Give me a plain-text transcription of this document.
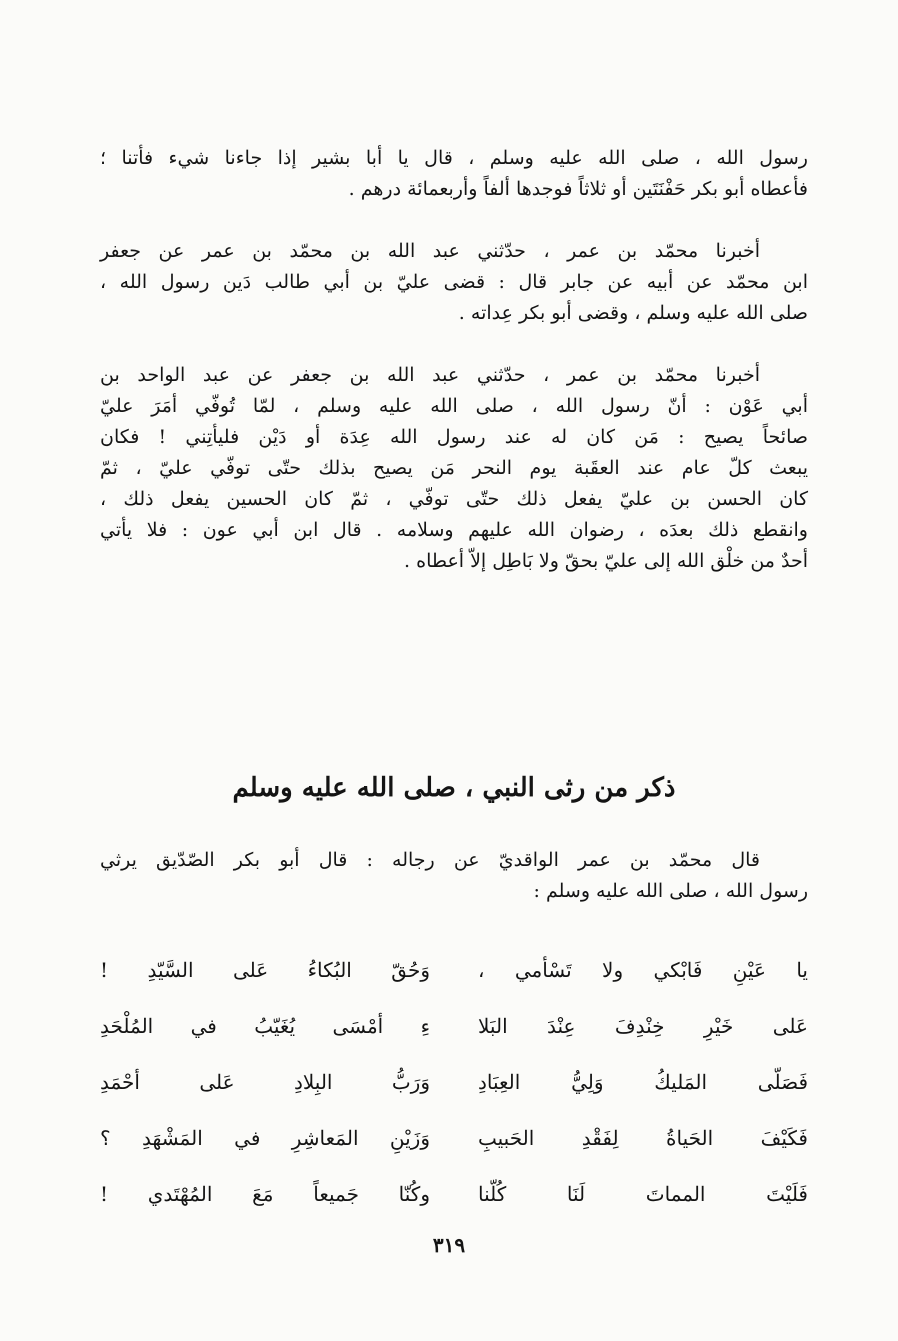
رسول الله ، صلى الله عليه وسلم ، قال يا أبا بشير إذا جاءنا شيء فأتنا ؛
فأعطاه أبو بكر حَفْنَتَين أو ثلاثاً فوجدها ألفاً وأربعمائة درهم .
أخبرنا محمّد بن عمر ، حدّثني عبد الله بن محمّد بن عمر عن جعفر
ابن محمّد عن أبيه عن جابر قال : قضى عليّ بن أبي طالب دَين رسول الله ،
صلى الله عليه وسلم ، وقضى أبو بكر عِداته .
أخبرنا محمّد بن عمر ، حدّثني عبد الله بن جعفر عن عبد الواحد بن
أبي عَوْن : أنّ رسول الله ، صلى الله عليه وسلم ، لمّا تُوفّي أمَرَ عليّ
صائحاً يصيح : مَن كان له عند رسول الله عِدَة أو دَيْن فليأتِني ! فكان
يبعث كلّ عام عند العقَبة يوم النحر مَن يصيح بذلك حتّى توفّي عليّ ، ثمّ
كان الحسن بن عليّ يفعل ذلك حتّى توفّي ، ثمّ كان الحسين يفعل ذلك ،
وانقطع ذلك بعدَه ، رضوان الله عليهم وسلامه . قال ابن أبي عون : فلا يأتي
أحدٌ من خلْق الله إلى عليّ بحقّ ولا بَاطِل إلاّ أعطاه .
ذكر من رثى النبي ، صلى الله عليه وسلم
قال محمّد بن عمر الواقديّ عن رجاله : قال أبو بكر الصّدّيق يرثي
رسول الله ، صلى الله عليه وسلم :
يا عَيْنِ فَابْكي ولا تَسْأمي ،
وَحُقّ البُكاءُ عَلى السَّيّدِ !
عَلى خَيْرِ خِنْدِفَ عِنْدَ البَلا
ءِ أمْسَى يُغَيّبُ في المُلْحَدِ
فَصَلّى المَليكُ وَلِيُّ العِبَادِ
وَرَبُّ البِلادِ عَلى أحْمَدِ
فَكَيْفَ الحَياةُ لِفَقْدِ الحَبيبِ
وَزَيْنِ المَعاشِرِ في المَشْهَدِ ؟
فَلَيْتَ المماتَ لَنَا كُلّنا
وكُنّا جَميعاً مَعَ المُهْتَدي !
٣١٩
